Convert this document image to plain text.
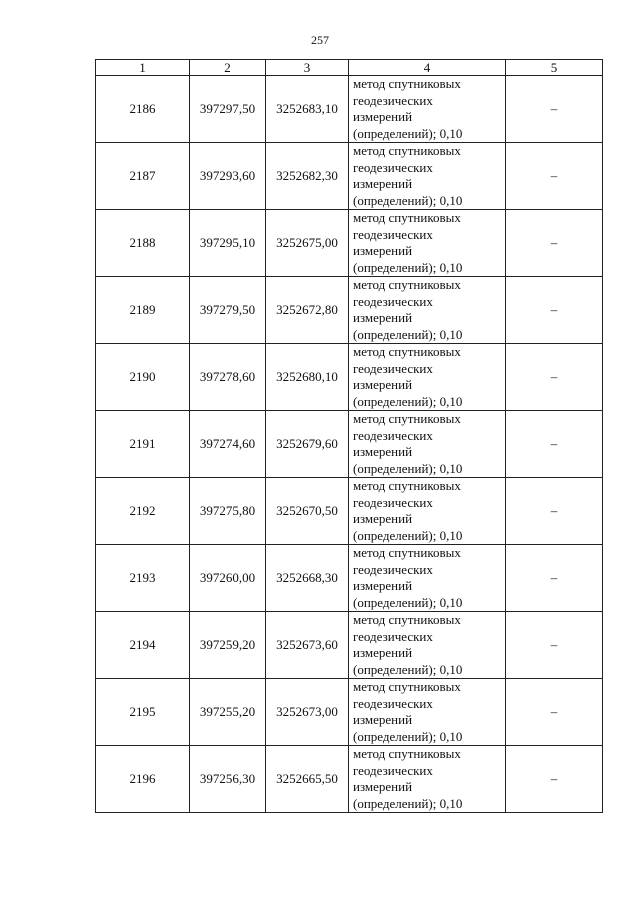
257
1	2	3	4	5
2186	397297,50	3252683,10	метод спутниковых
геодезических
измерений
(определений); 0,10	–
2187	397293,60	3252682,30	метод спутниковых
геодезических
измерений
(определений); 0,10	–
2188	397295,10	3252675,00	метод спутниковых
геодезических
измерений
(определений); 0,10	–
2189	397279,50	3252672,80	метод спутниковых
геодезических
измерений
(определений); 0,10	–
2190	397278,60	3252680,10	метод спутниковых
геодезических
измерений
(определений); 0,10	–
2191	397274,60	3252679,60	метод спутниковых
геодезических
измерений
(определений); 0,10	–
2192	397275,80	3252670,50	метод спутниковых
геодезических
измерений
(определений); 0,10	–
2193	397260,00	3252668,30	метод спутниковых
геодезических
измерений
(определений); 0,10	–
2194	397259,20	3252673,60	метод спутниковых
геодезических
измерений
(определений); 0,10	–
2195	397255,20	3252673,00	метод спутниковых
геодезических
измерений
(определений); 0,10	–
2196	397256,30	3252665,50	метод спутниковых
геодезических
измерений
(определений); 0,10	–
